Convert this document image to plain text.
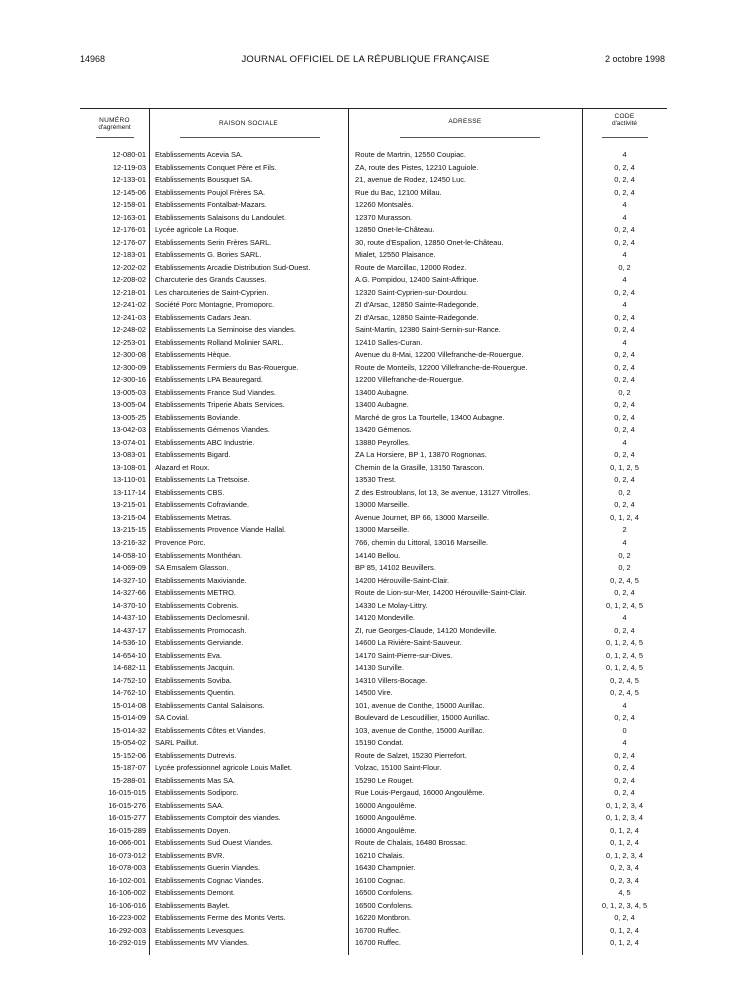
14968	JOURNAL OFFICIEL DE LA RÉPUBLIQUE FRANÇAISE	2 octobre 1998
NUMÉRO
d'agrément
RAISON SOCIALE	ADRESSE
CODE
d'activité
12-080-01 Etablissements Acevia SA.	Route de Martrin, 12550 Coupiac.	4
12-119-03 Etablissements Conquet Père et Fils.	ZA, route des Pistes, 12210 Laguiole.	0, 2, 4
12-133-01 Etablissements Bousquet SA.	21, avenue de Rodez, 12450 Luc.	0, 2, 4
12-145-06 Etablissements Poujol Frères SA.	Rue du Bac, 12100 Millau.	0, 2, 4
12-158-01 Etablissements Fontalbat-Mazars.	12260 Montsalès.	4
12-163-01 Etablissements Salaisons du Landoulet.	12370 Murasson.	4
12-176-01 Lycée agricole La Roque.	12850 Onet-le-Château.	0, 2, 4
12-176-07 Etablissements Serin Frères SARL.	30, route d'Espalion, 12850 Onet-le-Château.	0, 2, 4
12-183-01 Etablissements G. Bories SARL.	Mialet, 12550 Plaisance.	4
12-202-02 Etablissements Arcadie Distribution Sud-Ouest.	Route de Marcillac, 12000 Rodez.	0, 2
12-208-02 Charcuterie des Grands Causses.	A.G. Pompidou, 12400 Saint-Affrique.	4
12-218-01 Les charcuteries de Saint-Cyprien.	12320 Saint-Cyprien-sur-Dourdou.	0, 2, 4
12-241-02 Société Porc Montagne, Promoporc.	ZI d'Arsac, 12850 Sainte-Radegonde.	4
12-241-03 Etablissements Cadars Jean.	ZI d'Arsac, 12850 Sainte-Radegonde.	0, 2, 4
12-248-02 Etablissements La Serninoise des viandes.	Saint-Martin, 12380 Saint-Sernin-sur-Rance.	0, 2, 4
12-253-01 Etablissements Rolland Molinier SARL.	12410 Salles-Curan.	4
12-300-08 Etablissements Hèque.	Avenue du 8-Mai, 12200 Villefranche-de-Rouergue.	0, 2, 4
12-300-09 Etablissements Fermiers du Bas-Rouergue.	Route de Monteils, 12200 Villefranche-de-Rouergue.	0, 2, 4
12-300-16 Etablissements LPA Beauregard.	12200 Villefranche-de-Rouergue.	0, 2, 4
13-005-03 Etablissements France Sud Viandes.	13400 Aubagne.	0, 2
13-005-04 Etablissements Triperie Abats Services.	13400 Aubagne.	0, 2, 4
13-005-25 Etablissements Boviande.	Marché de gros La Tourtelle, 13400 Aubagne.	0, 2, 4
13-042-03 Etablissements Gémenos Viandes.	13420 Gémenos.	0, 2, 4
13-074-01 Etablissements ABC Industrie.	13880 Peyrolles.	4
13-083-01 Etablissements Bigard.	ZA La Horsiere, BP 1, 13870 Rognonas.	0, 2, 4
13-108-01 Alazard et Roux.	Chemin de la Grasille, 13150 Tarascon.	0, 1, 2, 5
13-110-01 Etablissements La Tretsoise.	13530 Trest.	0, 2, 4
13-117-14 Etablissements CBS.	Z des Estroublans, lot 13, 3e avenue, 13127 Vitrolles.	0, 2
13-215-01 Etablissements Cofraviande.	13000 Marseille.	0, 2, 4
13-215-04 Etablissements Metras.	Avenue Journet, BP 66, 13000 Marseille.	0, 1, 2, 4
13-215-15 Etablissements Provence Viande Hallal.	13000 Marseille.	2
13-216-32 Provence Porc.	766, chemin du Littoral, 13016 Marseille.	4
14-058-10 Etablissements Monthéan.	14140 Bellou.	0, 2
14-069-09 SA Emsalem Glasson.	BP 85, 14102 Beuvillers.	0, 2
14-327-10 Etablissements Maxiviande.	14200 Hérouville-Saint-Clair.	0, 2, 4, 5
14-327-66 Etablissements METRO.	Route de Lion-sur-Mer, 14200 Hérouville-Saint-Clair.	0, 2, 4
14-370-10 Etablissements Cobrenis.	14330 Le Molay-Littry.	0, 1, 2, 4, 5
14-437-10 Etablissements Declomesnil.	14120 Mondeville.	4
14-437-17 Etablissements Promocash.	ZI, rue Georges-Claude, 14120 Mondeville.	0, 2, 4
14-536-10 Etablissements Gerviande.	14600 La Rivière-Saint-Sauveur.	0, 1, 2, 4, 5
14-654-10 Etablissements Eva.	14170 Saint-Pierre-sur-Dives.	0, 1, 2, 4, 5
14-682-11 Etablissements Jacquin.	14130 Surville.	0, 1, 2, 4, 5
14-752-10 Etablissements Soviba.	14310 Villers-Bocage.	0, 2, 4, 5
14-762-10 Etablissements Quentin.	14500 Vire.	0, 2, 4, 5
15-014-08 Etablissements Cantal Salaisons.	101, avenue de Conthe, 15000 Aurillac.	4
15-014-09 SA Covial.	Boulevard de Lescudillier, 15000 Aurillac.	0, 2, 4
15-014-32 Etablissements Côtes et Viandes.	103, avenue de Conthe, 15000 Aurillac.	0
15-054-02 SARL Paillut.	15190 Condat.	4
15-152-06 Etablissements Dutrevis.	Route de Salzet, 15230 Pierrefort.	0, 2, 4
15-187-07 Lycée professionnel agricole Louis Mallet.	Volzac, 15100 Saint-Flour.	0, 2, 4
15-288-01 Etablissements Mas SA.	15290 Le Rouget.	0, 2, 4
16-015-015 Etablissements Sodiporc.	Rue Louis-Pergaud, 16000 Angoulême.	0, 2, 4
16-015-276 Etablissements SAA.	16000 Angoulême.	0, 1, 2, 3, 4
16-015-277 Etablissements Comptoir des viandes.	16000 Angoulême.	0, 1, 2, 3, 4
16-015-289 Etablissements Doyen.	16000 Angoulême.	0, 1, 2, 4
16-066-001 Etablissements Sud Ouest Viandes.	Route de Chalais, 16480 Brossac.	0, 1, 2, 4
16-073-012 Etablissements BVR.	16210 Chalais.	0, 1, 2, 3, 4
16-078-003 Etablissements Guerin Viandes.	16430 Champnier.	0, 2, 3, 4
16-102-001 Etablissements Cognac Viandes.	16100 Cognac.	0, 2, 3, 4
16-106-002 Etablissements Demont.	16500 Confolens.	4, 5
16-106-016 Etablissements Baylet.	16500 Confolens.	0, 1, 2, 3, 4, 5
16-223-002 Etablissements Ferme des Monts Verts.	16220 Montbron.	0, 2, 4
16-292-003 Etablissements Levesques.	16700 Ruffec.	0, 1, 2, 4
16-292-019 Etablissements MV Viandes.	16700 Ruffec.	0, 1, 2, 4
